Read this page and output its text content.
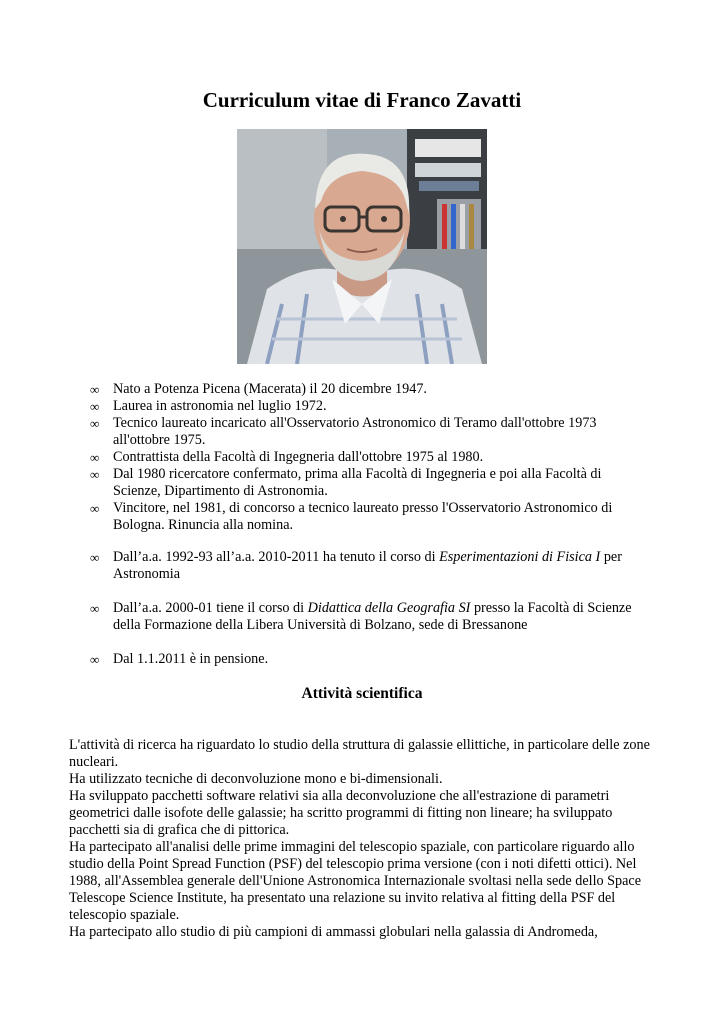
Curriculum vitae di Franco Zavatti
∞ Nato a Potenza Picena (Macerata) il 20 dicembre 1947.
∞ Laurea in astronomia nel luglio 1972.
∞ Tecnico laureato incaricato all'Osservatorio Astronomico di Teramo dall'ottobre 1973 all'ottobre 1975.
∞ Contrattista della Facoltà di Ingegneria dall'ottobre 1975 al 1980.
∞ Dal 1980 ricercatore confermato, prima alla Facoltà di Ingegneria e poi alla Facoltà di Scienze, Dipartimento di Astronomia.
∞ Vincitore, nel 1981, di concorso a tecnico laureato presso l'Osservatorio Astronomico di Bologna. Rinuncia alla nomina.
∞ Dall’a.a. 1992-93 all’a.a. 2010-2011 ha tenuto il corso di Esperimentazioni di Fisica I per Astronomia
∞ Dall’a.a. 2000-01 tiene il corso di Didattica della Geografia SI presso la Facoltà di Scienze della Formazione della Libera Università di Bolzano, sede di Bressanone
∞ Dal 1.1.2011 è in pensione.
Attività scientifica

L'attività di ricerca ha riguardato lo studio della struttura di galassie ellittiche, in particolare delle zone nucleari.

Ha utilizzato tecniche di deconvoluzione mono e bi-dimensionali.

Ha sviluppato pacchetti software relativi sia alla deconvoluzione che all'estrazione di parametri geometrici dalle isofote delle galassie; ha scritto programmi di fitting non lineare; ha sviluppato pacchetti sia di grafica che di pittorica.

Ha partecipato all'analisi delle prime immagini del telescopio spaziale, con particolare riguardo allo studio della Point Spread Function (PSF) del telescopio prima versione (con i noti difetti ottici). Nel 1988, all'Assemblea generale dell'Unione Astronomica Internazionale svoltasi nella sede dello Space Telescope Science Institute, ha presentato una relazione su invito relativa al fitting della PSF del telescopio spaziale.

Ha partecipato allo studio di più campioni di ammassi globulari nella galassia di Andromeda,
